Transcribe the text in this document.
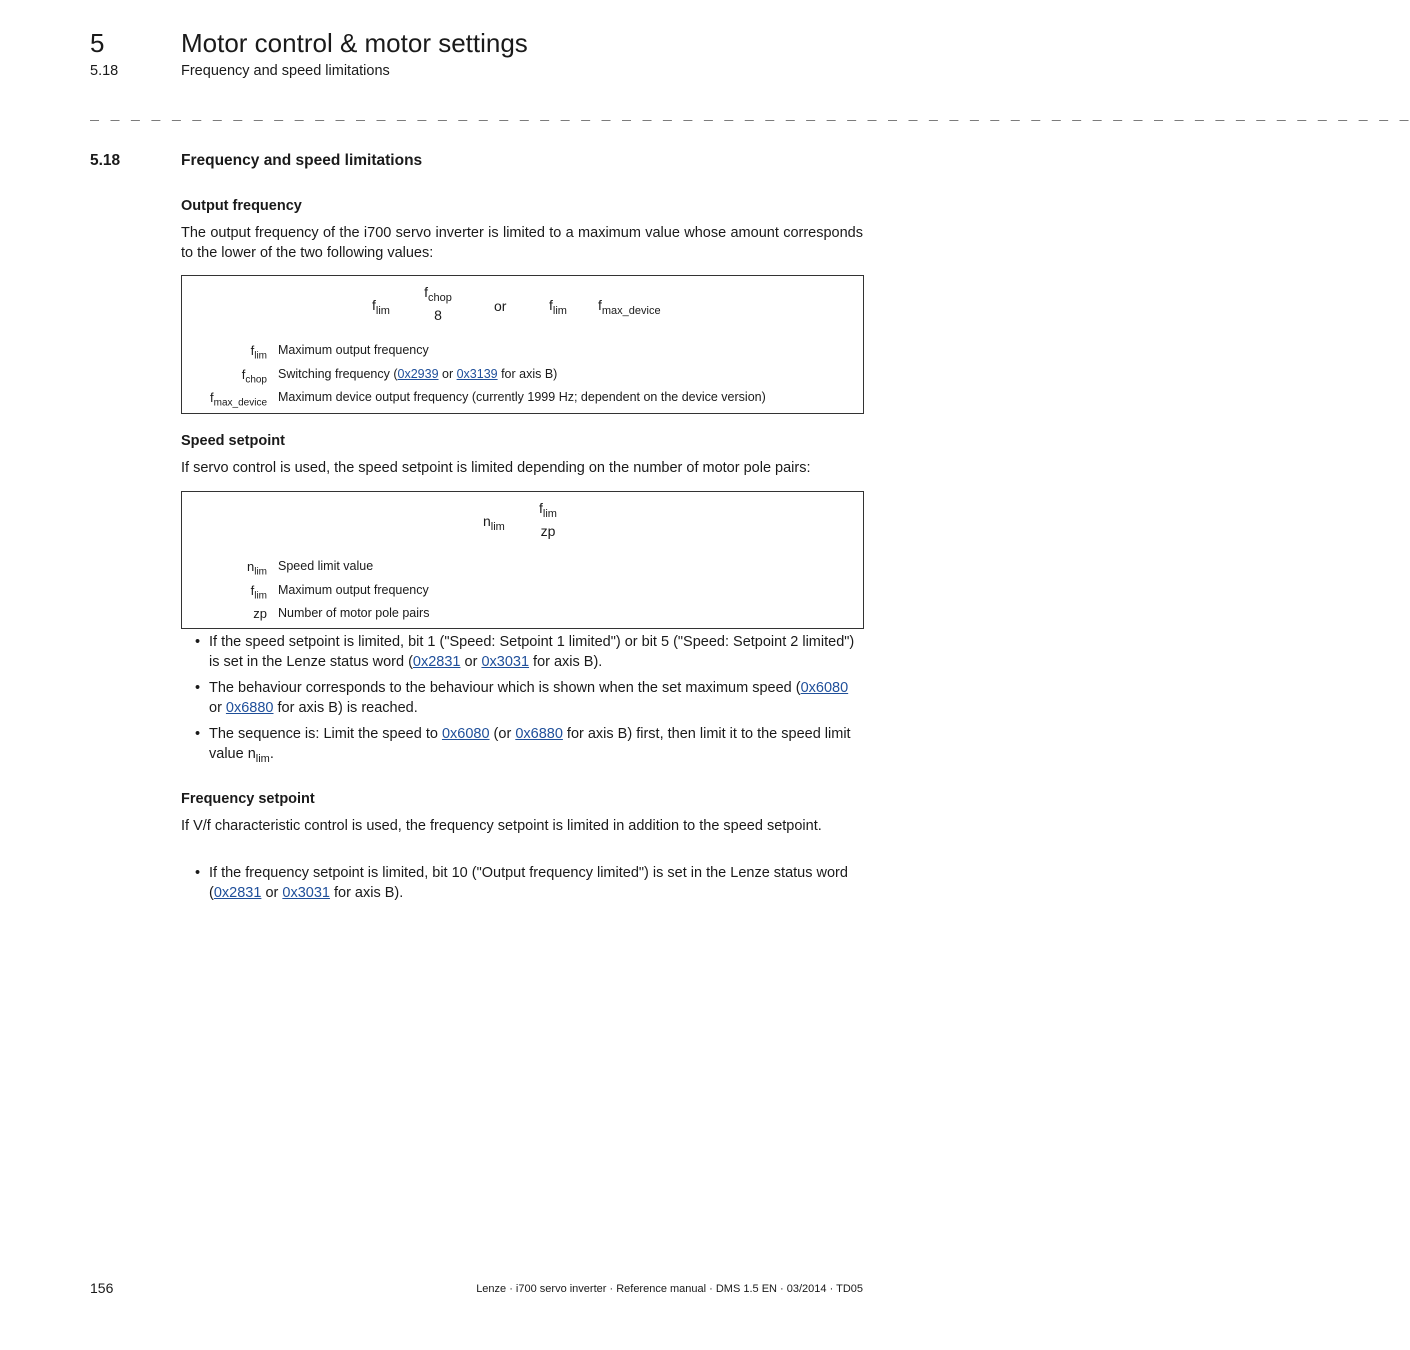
5	Motor control & motor settings
5.18	Frequency and speed limitations
_ _ _ _ _ _ _ _ _ _ _ _ _ _ _ _ _ _ _ _ _ _ _ _ _ _ _ _ _ _ _ _ _ _ _ _ _ _ _ _ _ _ _ _ _ _ _ _ _ _ _ _ _ _ _ _ _ _ _ _ _ _ _ _ _
5.18	Frequency and speed limitations
Output frequency
The output frequency of the i700 servo inverter is limited to a maximum value whose amount corresponds to the lower of the two following values:
$f_{lim}$
$f_{chop}$
8
or	$f_{lim}$ $f_{max\_device}$
$f_{lim}$ Maximum output frequency
$f_{chop}$ Switching frequency (0x2939 or 0x3139 for axis B)
$f_{max\_device}$ Maximum device output frequency (currently 1999 Hz; dependent on the device version)
Speed setpoint
If servo control is used, the speed setpoint is limited depending on the number of motor pole pairs:
$n_{lim}$
$f_{lim}$
zp
$n_{lim}$ Speed limit value
$f_{lim}$ Maximum output frequency
zp Number of motor pole pairs
• If the speed setpoint is limited, bit 1 ("Speed: Setpoint 1 limited") or bit 5 ("Speed: Setpoint 2 limited") is set in the Lenze status word (0x2831 or 0x3031 for axis B).
• The behaviour corresponds to the behaviour which is shown when the set maximum speed (0x6080 or 0x6880 for axis B) is reached.
• The sequence is: Limit the speed to 0x6080 (or 0x6880 for axis B) first, then limit it to the speed limit value $n_{lim}$.
Frequency setpoint
If V/f characteristic control is used, the frequency setpoint is limited in addition to the speed setpoint.
• If the frequency setpoint is limited, bit 10 ("Output frequency limited") is set in the Lenze status word (0x2831 or 0x3031 for axis B).
156	Lenze · i700 servo inverter · Reference manual · DMS 1.5 EN · 03/2014 · TD05
